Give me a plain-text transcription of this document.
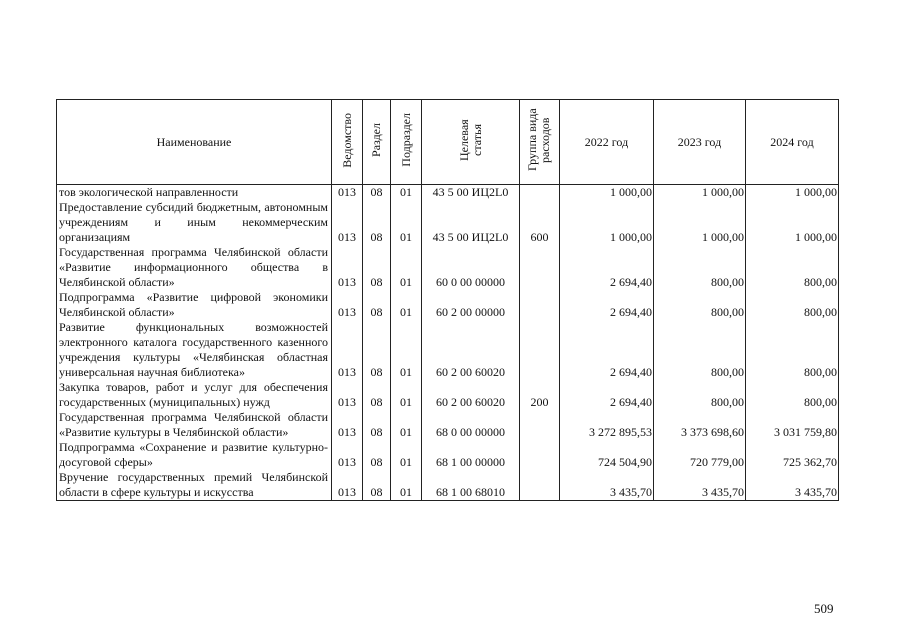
Наименование	Ведомство	Раздел	Подраздел	Целевая статья	Группа вида расходов	2022 год	2023 год	2024 год
тов экологической направленности	013	08	01	43 5 00 ИЦ2L0		1 000,00	1 000,00	1 000,00
Предоставление субсидий бюджетным, автономным учреждениям и иным некоммерческим организациям	013	08	01	43 5 00 ИЦ2L0	600	1 000,00	1 000,00	1 000,00
Государственная программа Челябинской области «Развитие информационного общества в Челябинской области»	013	08	01	60 0 00 00000		2 694,40	800,00	800,00
Подпрограмма «Развитие цифровой экономики Челябинской области»	013	08	01	60 2 00 00000		2 694,40	800,00	800,00
Развитие функциональных возможностей электронного каталога государственного казенного учреждения культуры «Челябинская областная универсальная научная библиотека»	013	08	01	60 2 00 60020		2 694,40	800,00	800,00
Закупка товаров, работ и услуг для обеспечения государственных (муниципальных) нужд	013	08	01	60 2 00 60020	200	2 694,40	800,00	800,00
Государственная программа Челябинской области «Развитие культуры в Челябинской области»	013	08	01	68 0 00 00000		3 272 895,53	3 373 698,60	3 031 759,80
Подпрограмма «Сохранение и развитие культурно-досуговой сферы»	013	08	01	68 1 00 00000		724 504,90	720 779,00	725 362,70
Вручение государственных премий Челябинской области в сфере культуры и искусства	013	08	01	68 1 00 68010		3 435,70	3 435,70	3 435,70
509
